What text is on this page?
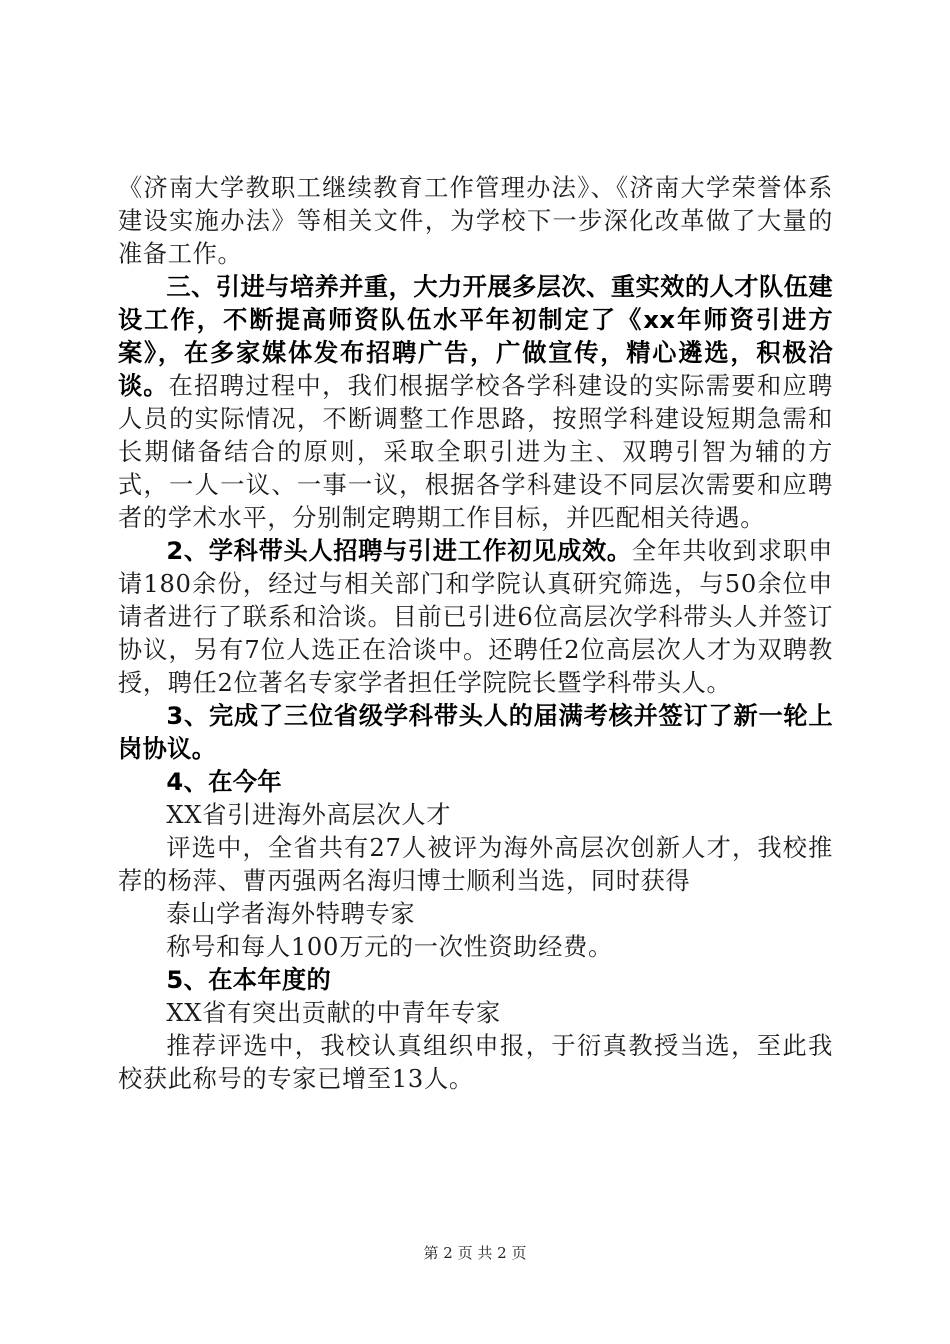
《济南大学教职工继续教育工作管理办法》、《济南大学荣誉体系建设实施办法》等相关文件，为学校下一步深化改革做了大量的准备工作。

三、引进与培养并重，大力开展多层次、重实效的人才队伍建设工作，不断提高师资队伍水平年初制定了《xx年师资引进方案》，在多家媒体发布招聘广告，广做宣传，精心遴选，积极洽谈。在招聘过程中，我们根据学校各学科建设的实际需要和应聘人员的实际情况，不断调整工作思路，按照学科建设短期急需和长期储备结合的原则，采取全职引进为主、双聘引智为辅的方式，一人一议、一事一议，根据各学科建设不同层次需要和应聘者的学术水平，分别制定聘期工作目标，并匹配相关待遇。

2、学科带头人招聘与引进工作初见成效。全年共收到求职申请180余份，经过与相关部门和学院认真研究筛选，与50余位申请者进行了联系和洽谈。目前已引进6位高层次学科带头人并签订协议，另有7位人选正在洽谈中。还聘任2位高层次人才为双聘教授，聘任2位著名专家学者担任学院院长暨学科带头人。

3、完成了三位省级学科带头人的届满考核并签订了新一轮上岗协议。

4、在今年

XX省引进海外高层次人才

评选中，全省共有27人被评为海外高层次创新人才，我校推荐的杨萍、曹丙强两名海归博士顺利当选，同时获得

泰山学者海外特聘专家

称号和每人100万元的一次性资助经费。

5、在本年度的

XX省有突出贡献的中青年专家

推荐评选中，我校认真组织申报，于衍真教授当选，至此我校获此称号的专家已增至13人。

第 2 页 共 2 页
